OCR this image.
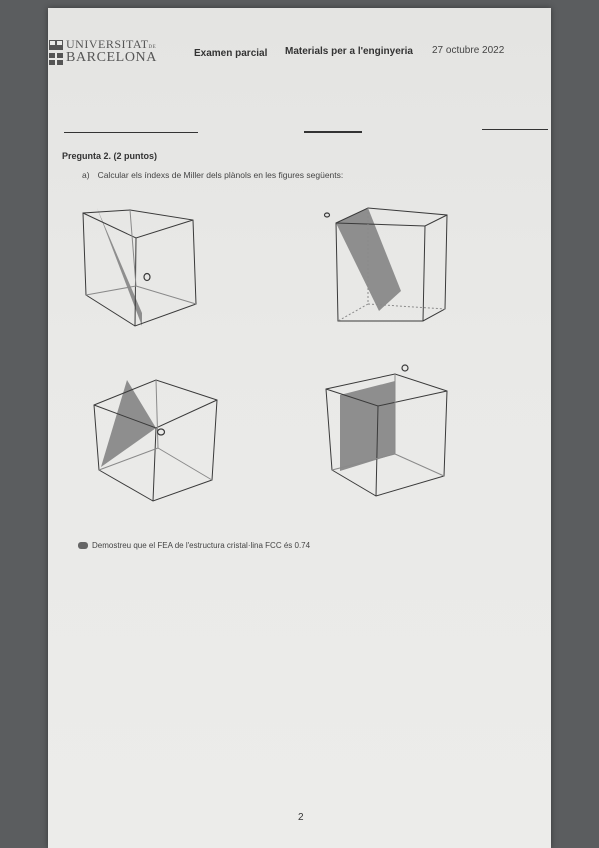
UNIVERSITATDE
BARCELONA	Examen parcial Materials per a l'enginyeria 27 octubre 2022
Pregunta 2. (2 puntos)
a) Calcular els índexs de Miller dels plànols en les figures següents:
Demostreu que el FEA de l'estructura cristal·lina FCC és 0.74
2
